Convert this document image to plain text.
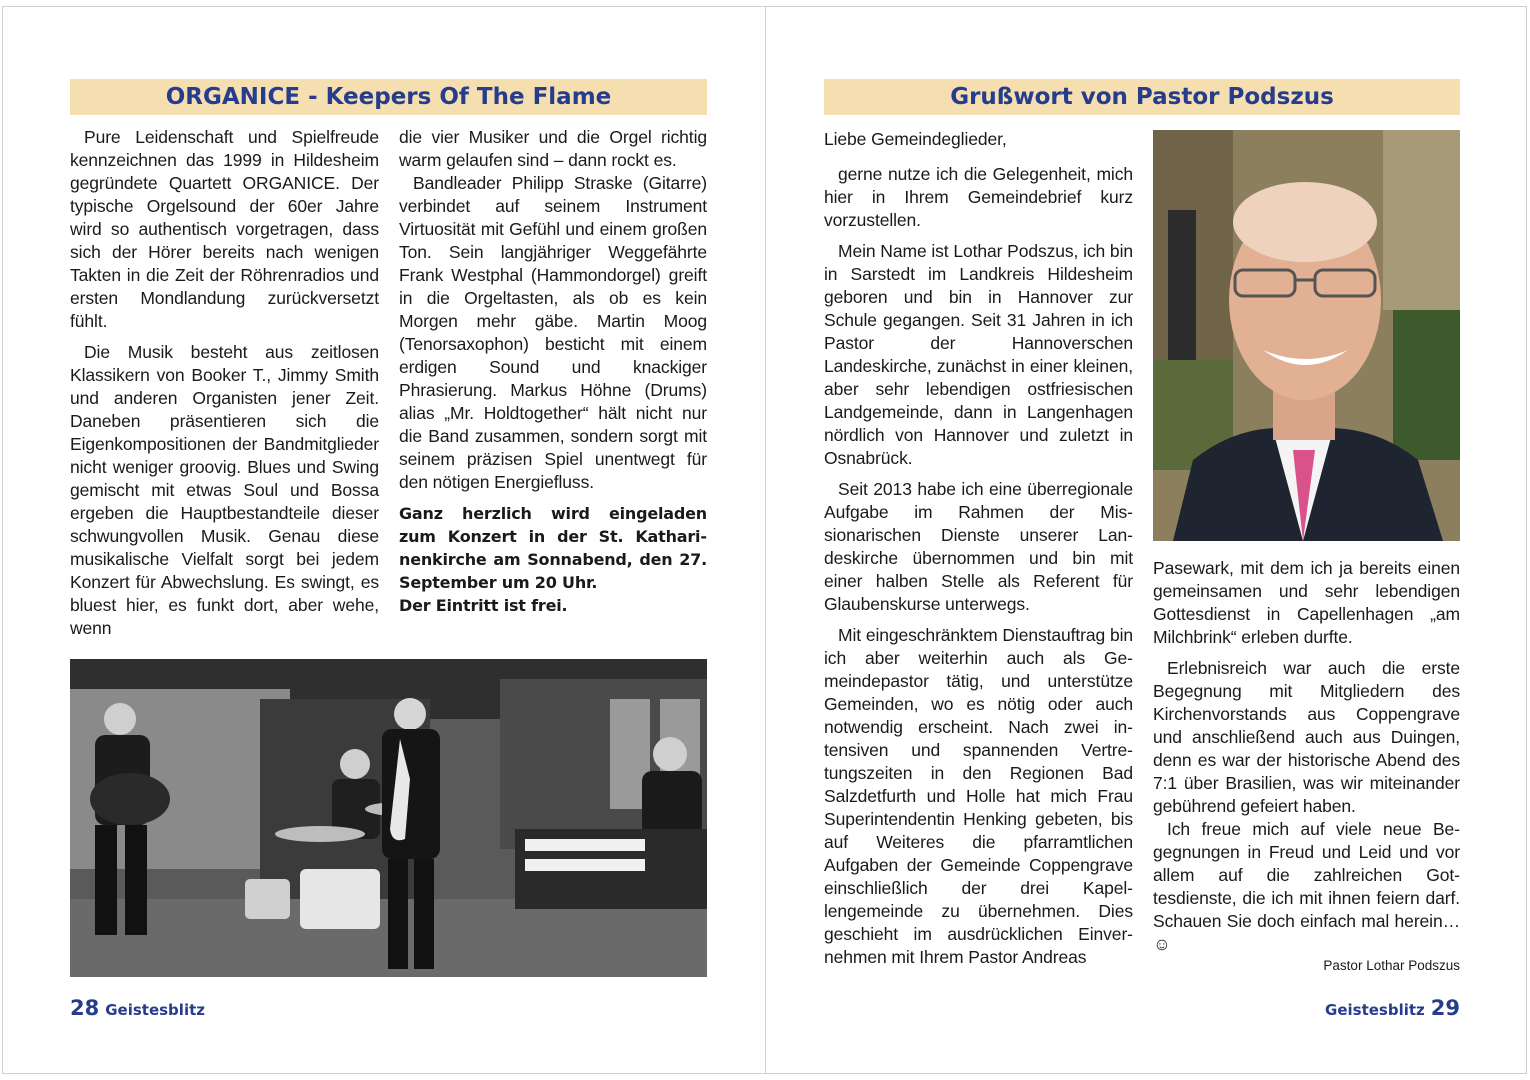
ORGANICE - Keepers Of The Flame

Pure Leidenschaft und Spielfreude kennzeichnen das 1999 in Hildesheim gegründete Quartett ORGANICE. Der typische Orgelsound der 60er Jahre wird so authentisch vorgetragen, dass sich der Hörer bereits nach wenigen Takten in die Zeit der Röhrenradios und ersten Mondlandung zurückversetzt fühlt.

Die Musik besteht aus zeitlosen Klassikern von Booker T., Jimmy Smith und anderen Organisten jener Zeit. Daneben präsentieren sich die Eigenkompositionen der Bandmitglieder nicht weniger groovig. Blues und Swing gemischt mit etwas Soul und Bossa ergeben die Hauptbestandteile dieser schwungvollen Musik. Genau diese musikalische Vielfalt sorgt bei jedem Konzert für Abwechslung. Es swingt, es bluest hier, es funkt dort, aber wehe, wenn

die vier Musiker und die Orgel richtig warm gelaufen sind – dann rockt es.

Bandleader Philipp Straske (Gitarre) verbindet auf seinem Instrument Virtuosität mit Gefühl und einem großen Ton. Sein langjähriger Weggefährte Frank Westphal (Hammondorgel) greift in die Orgeltasten, als ob es kein Morgen mehr gäbe. Martin Moog (Tenorsaxophon) besticht mit einem erdigen Sound und knackiger Phrasierung. Markus Höhne (Drums) alias „Mr. Holdtogether“ hält nicht nur die Band zusammen, sondern sorgt mit seinem präzisen Spiel unentwegt für den nötigen Energiefluss.

Ganz herzlich wird eingeladen zum Konzert in der St. Katharinenkirche am Sonnabend, den 27. September um 20 Uhr.

Der Eintritt ist frei.

28 Geistesblitz
Grußwort von Pastor Podszus

Liebe Gemeindeglieder,

gerne nutze ich die Gelegenheit, mich hier in Ihrem Gemeindebrief kurz vorzustellen.

Mein Name ist Lothar Podszus, ich bin in Sarstedt im Landkreis Hildesheim geboren und bin in Hannover zur Schule gegangen. Seit 31 Jahren in ich Pastor der Hannoverschen Landeskirche, zunächst in einer kleinen, aber sehr lebendigen ostfriesischen Landgemeinde, dann in Langenhagen nördlich von Hannover und zuletzt in Osnabrück.

Seit 2013 habe ich eine überregionale Aufgabe im Rahmen der Missionarischen Dienste unserer Landeskirche übernommen und bin mit einer halben Stelle als Referent für Glaubenskurse unterwegs.

Mit eingeschränktem Dienstauftrag bin ich aber weiterhin auch als Gemeindepastor tätig, und unterstütze Gemeinden, wo es nötig oder auch notwendig erscheint. Nach zwei intensiven und spannenden Vertretungszeiten in den Regionen Bad Salzdetfurth und Holle hat mich Frau Superintendentin Henking gebeten, bis auf Weiteres die pfarramtlichen Aufgaben der Gemeinde Coppengrave einschließlich der drei Kapellengemeinde zu übernehmen. Dies geschieht im ausdrücklichen Einvernehmen mit Ihrem Pastor Andreas

Pasewark, mit dem ich ja bereits einen gemeinsamen und sehr lebendigen Gottesdienst in Capellenhagen „am Milchbrink“ erleben durfte.

Erlebnisreich war auch die erste Begegnung mit Mitgliedern des Kirchenvorstands aus Coppengrave und anschließend auch aus Duingen, denn es war der historische Abend des 7:1 über Brasilien, was wir miteinander gebührend gefeiert haben.

Ich freue mich auf viele neue Begegnungen in Freud und Leid und vor allem auf die zahlreichen Gottesdienste, die ich mit ihnen feiern darf. Schauen Sie doch einfach mal herein… ☺

Pastor Lothar Podszus
Geistesblitz 29
